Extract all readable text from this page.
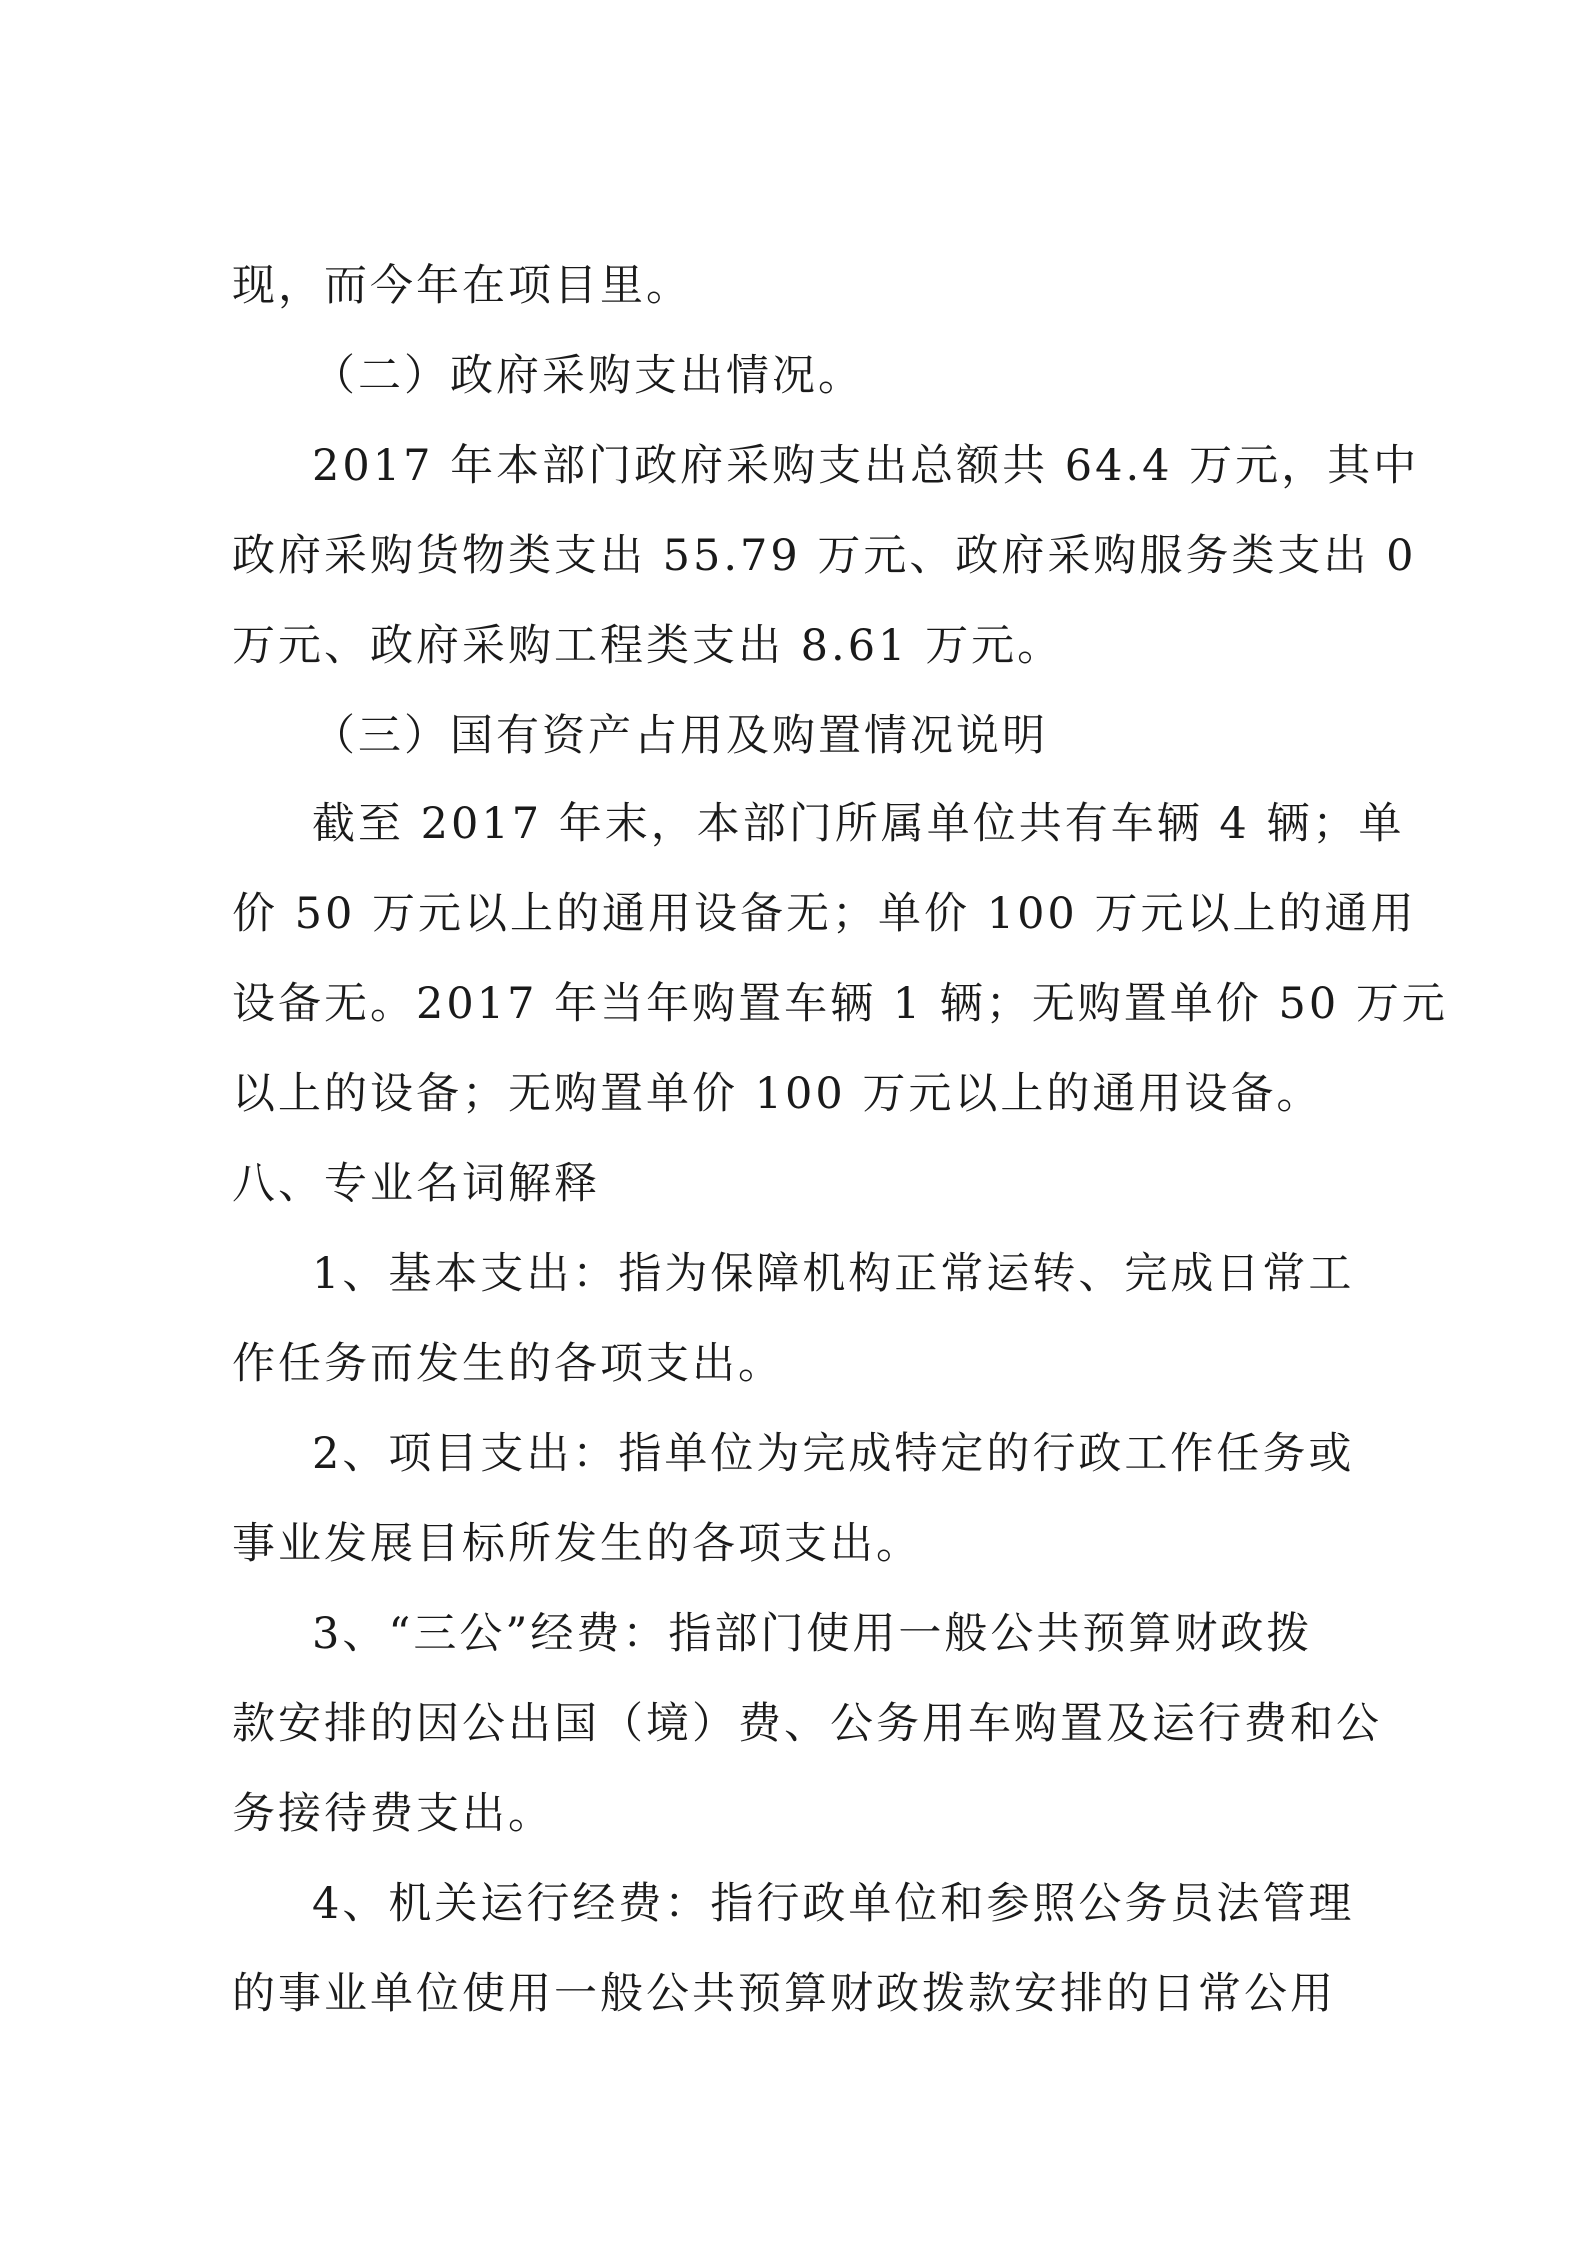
现，而今年在项目里。
（二）政府采购支出情况。
2017 年本部门政府采购支出总额共 64.4 万元，其中
政府采购货物类支出 55.79 万元、政府采购服务类支出 0
万元、政府采购工程类支出 8.61 万元。
（三）国有资产占用及购置情况说明
截至 2017 年末，本部门所属单位共有车辆 4 辆；单
价 50 万元以上的通用设备无；单价 100 万元以上的通用
设备无。2017 年当年购置车辆 1 辆；无购置单价 50 万元
以上的设备；无购置单价 100 万元以上的通用设备。
八、专业名词解释
1、基本支出：指为保障机构正常运转、完成日常工
作任务而发生的各项支出。
2、项目支出：指单位为完成特定的行政工作任务或
事业发展目标所发生的各项支出。
3、“三公”经费：指部门使用一般公共预算财政拨
款安排的因公出国（境）费、公务用车购置及运行费和公
务接待费支出。
4、机关运行经费：指行政单位和参照公务员法管理
的事业单位使用一般公共预算财政拨款安排的日常公用
